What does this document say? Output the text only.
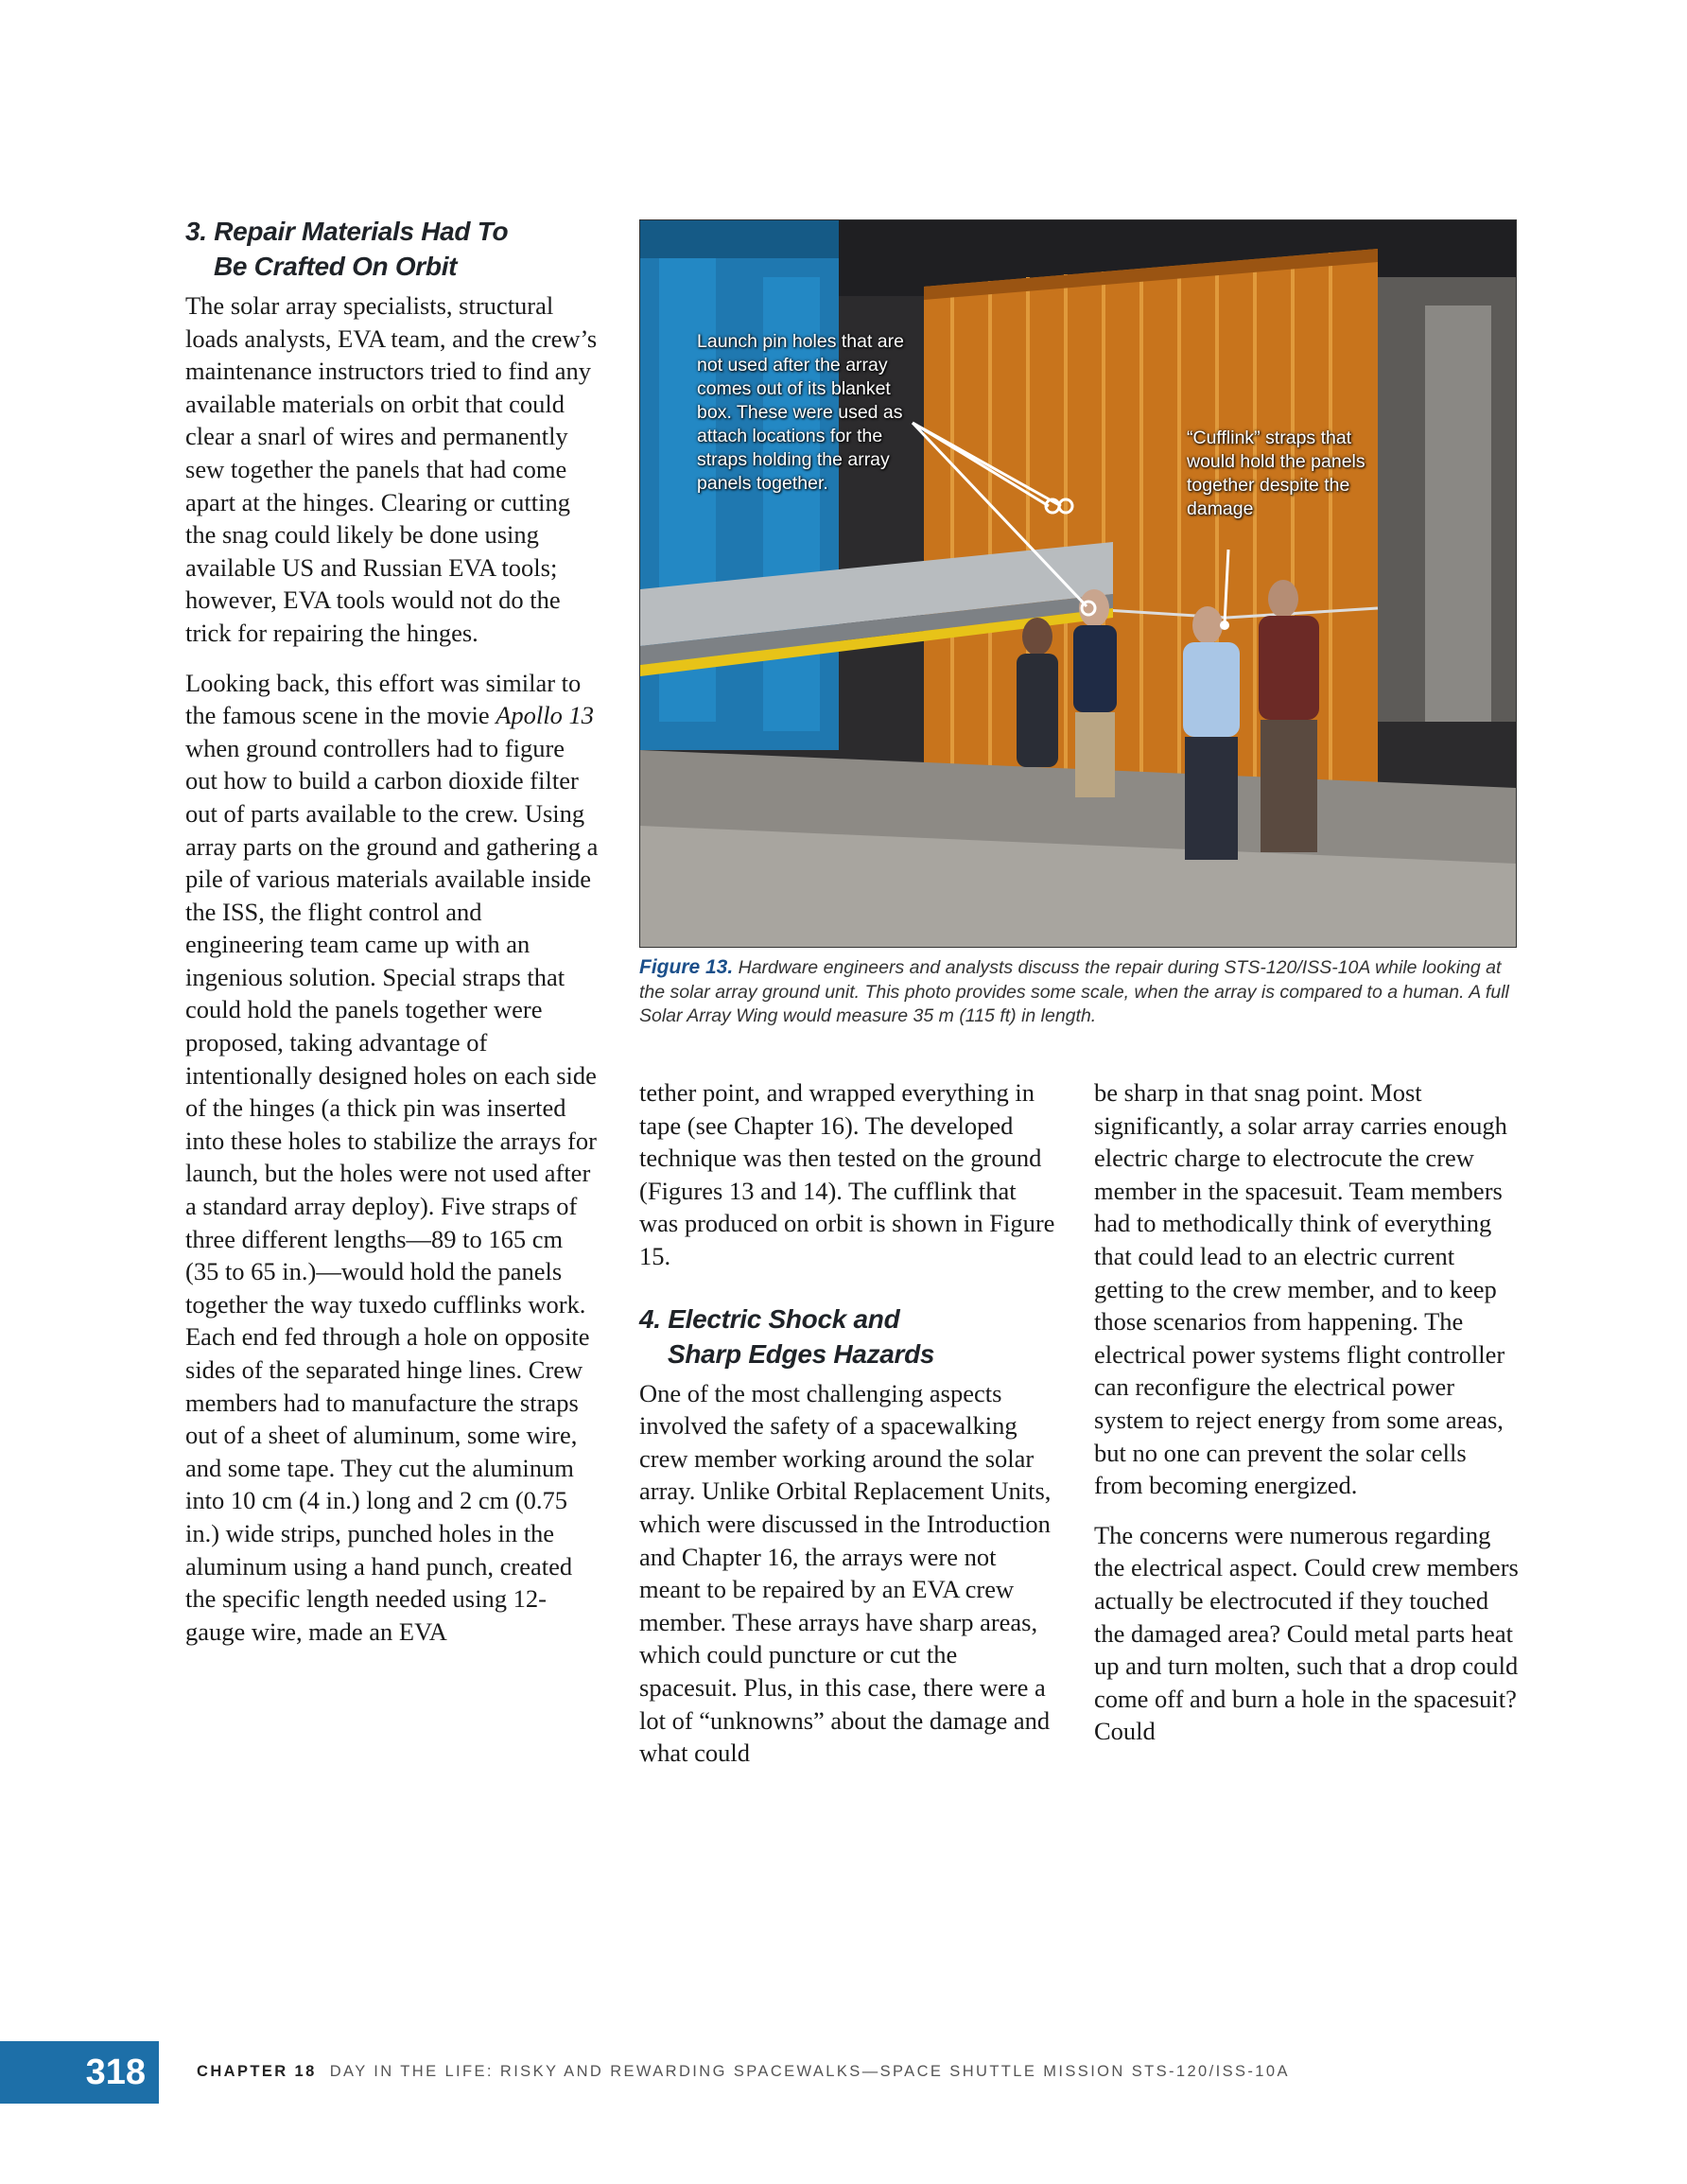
3. Repair Materials Had To
Be Crafted On Orbit

The solar array specialists, structural loads analysts, EVA team, and the crew’s maintenance instructors tried to find any available materials on orbit that could clear a snarl of wires and permanently sew together the panels that had come apart at the hinges. Clearing or cutting the snag could likely be done using available US and Russian EVA tools; however, EVA tools would not do the trick for repairing the hinges.

Looking back, this effort was similar to the famous scene in the movie Apollo 13 when ground controllers had to figure out how to build a carbon dioxide filter out of parts available to the crew. Using array parts on the ground and gathering a pile of various materials available inside the ISS, the flight control and engineering team came up with an ingenious solution. Special straps that could hold the panels together were proposed, taking advantage of intentionally designed holes on each side of the hinges (a thick pin was inserted into these holes to stabilize the arrays for launch, but the holes were not used after a standard array deploy). Five straps of three different lengths—89 to 165 cm (35 to 65 in.)—would hold the panels together the way tuxedo cufflinks work. Each end fed through a hole on opposite sides of the separated hinge lines. Crew members had to manufacture the straps out of a sheet of aluminum, some wire, and some tape. They cut the aluminum into 10 cm (4 in.) long and 2 cm (0.75 in.) wide strips, punched holes in the aluminum using a hand punch, created the specific length needed using 12-gauge wire, made an EVA

Launch pin holes that are not used after the array comes out of its blanket box. These were used as attach locations for the straps holding the array panels together.
“Cufflink” straps that would hold the panels together despite the damage
Figure 13. Hardware engineers and analysts discuss the repair during STS-120/ISS-10A while looking at the solar array ground unit. This photo provides some scale, when the array is compared to a human. A full Solar Array Wing would measure 35 m (115 ft) in length.

tether point, and wrapped everything in tape (see Chapter 16). The developed technique was then tested on the ground (Figures 13 and 14). The cufflink that was produced on orbit is shown in Figure 15.

4. Electric Shock and
Sharp Edges Hazards

One of the most challenging aspects involved the safety of a spacewalking crew member working around the solar array. Unlike Orbital Replacement Units, which were discussed in the Introduction and Chapter 16, the arrays were not meant to be repaired by an EVA crew member. These arrays have sharp areas, which could puncture or cut the spacesuit. Plus, in this case, there were a lot of “unknowns” about the damage and what could

be sharp in that snag point. Most significantly, a solar array carries enough electric charge to electrocute the crew member in the spacesuit. Team members had to methodically think of everything that could lead to an electric current getting to the crew member, and to keep those scenarios from happening. The electrical power systems flight controller can reconfigure the electrical power system to reject energy from some areas, but no one can prevent the solar cells from becoming energized.

The concerns were numerous regarding the electrical aspect. Could crew members actually be electrocuted if they touched the damaged area? Could metal parts heat up and turn molten, such that a drop could come off and burn a hole in the spacesuit? Could

318	CHAPTER 18 DAY IN THE LIFE: RISKY AND REWARDING SPACEWALKS—SPACE SHUTTLE MISSION STS-120/ISS-10A
